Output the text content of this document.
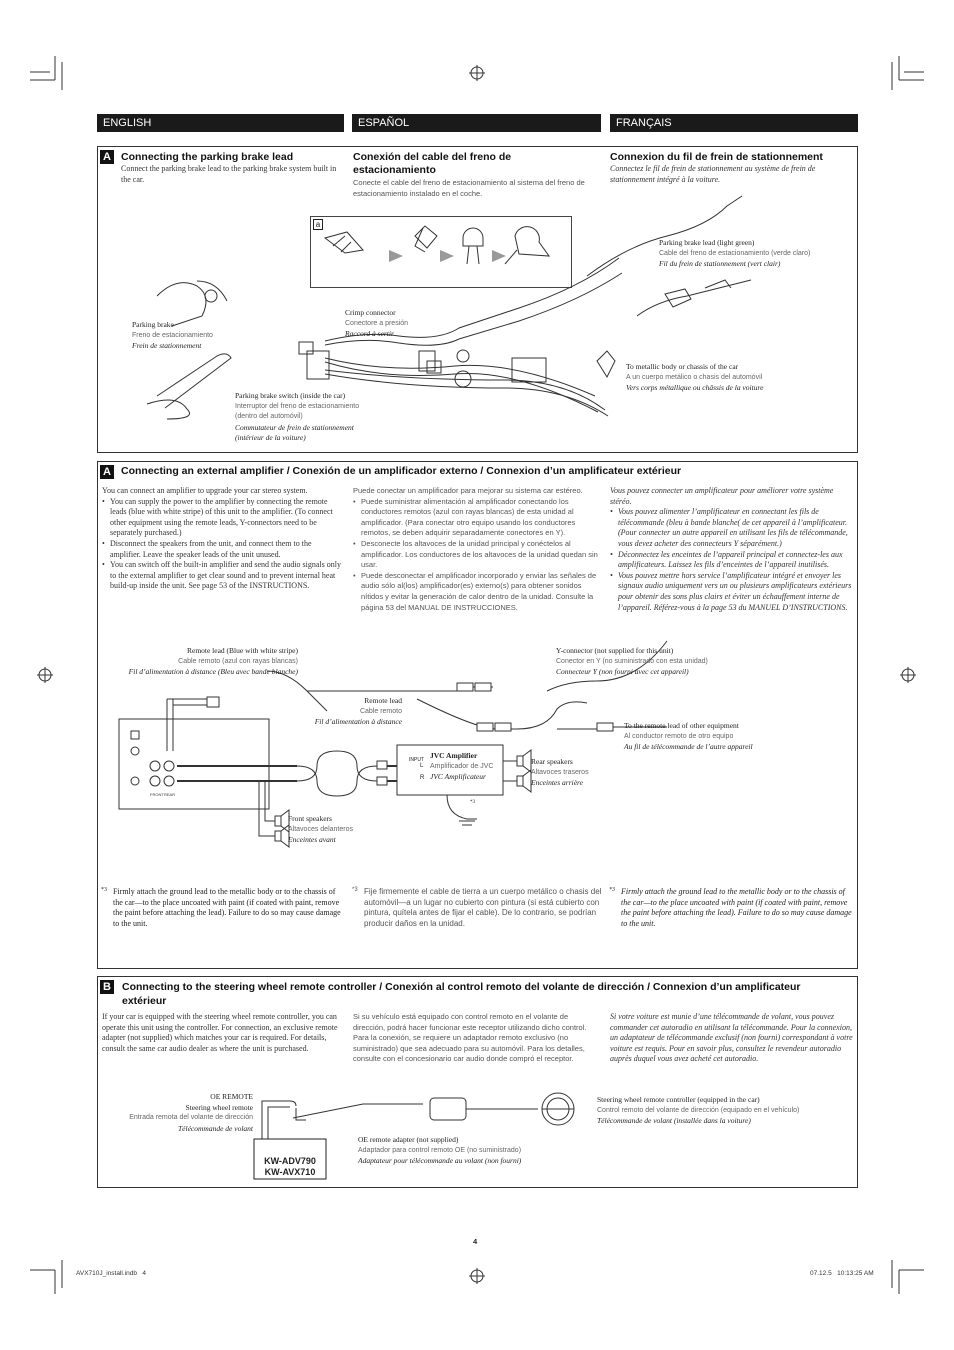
ENGLISH	ESPAÑOL	FRANÇAIS
A Connecting the parking brake lead
Connect the parking brake lead to the parking brake system built in the car.
Conexión del cable del freno de estacionamiento
Conecte el cable del freno de estacionamiento al sistema del freno de estacionamiento instalado en el coche.
Connexion du fil de frein de stationnement
Connectez le fil de frein de stationnement au système de frein de stationnement intégré à la voiture.
a
Parking brake
Freno de estacionamiento
Frein de stationnement
Crimp connector
Conectore a presión
Raccord à sertir
Parking brake lead (light green)
Cable del freno de estacionamiento (verde claro)
Fil du frein de stationnement (vert clair)
Parking brake switch (inside the car)
Interruptor del freno de estacionamiento
(dentro del automóvil)
Commutateur de frein de stationnement
(intérieur de la voiture)
To metallic body or chassis of the car
A un cuerpo metálico o chasis del automóvil
Vers corps métallique ou châssis de la voiture
A Connecting an external amplifier / Conexión de un amplificador externo / Connexion d’un amplificateur extérieur
You can connect an amplifier to upgrade your car stereo system.
• You can supply the power to the amplifier by connecting the remote leads (blue with white stripe) of this unit to the amplifier. (To connect other equipment using the remote leads, Y-connectors need to be separately purchased.)
• Disconnect the speakers from the unit, and connect them to the amplifier. Leave the speaker leads of the unit unused.
• You can switch off the built-in amplifier and send the audio signals only to the external amplifier to get clear sound and to prevent internal heat build-up inside the unit. See page 53 of the INSTRUCTIONS.
Puede conectar un amplificador para mejorar su sistema car estéreo.
• Puede suministrar alimentación al amplificador conectando los conductores remotos (azul con rayas blancas) de esta unidad al amplificador. (Para conectar otro equipo usando los conductores remotos, se deben adquirir separadamente conectores en Y).
• Desconecte los altavoces de la unidad principal y conéctelos al amplificador. Los conductores de los altavoces de la unidad quedan sin usar.
• Puede desconectar el amplificador incorporado y enviar las señales de audio sólo al(los) amplificador(es) externo(s) para obtener sonidos nítidos y evitar la generación de calor dentro de la unidad. Consulte la página 53 del MANUAL DE INSTRUCCIONES.
Vous pouvez connecter un amplificateur pour améliorer votre système stéréo.
• Vous pouvez alimenter l’amplificateur en connectant les fils de télécommande (bleu à bande blanche( de cet appareil à l’amplificateur. (Pour connecter un autre appareil en utilisant les fils de télécommande, vous devez acheter des connecteurs Y séparément.)
• Déconnectez les enceintes de l’appareil principal et connectez-les aux amplificateurs. Laissez les fils d’enceintes de l’appareil inutilisés.
• Vous pouvez mettre hors service l’amplificateur intégré et envoyer les signaux audio uniquement vers un ou plusieurs amplificateurs extérieurs pour obtenir des sons plus clairs et éviter un échauffement interne de l’appareil. Référez-vous à la page 53 du MANUEL D’INSTRUCTIONS.
FRONT REAR
JVC Amplifier
Amplificador de JVC
JVC Amplificateur
INPUT
L
R
*3
Remote lead (Blue with white stripe)
Cable remoto (azul con rayas blancas)
Fil d’alimentation à distance (Bleu avec bande blanche)
Y-connector (not supplied for this unit)
Conector en Y (no suministrado con esta unidad)
Connecteur Y (non fourni avec cet appareil)
Remote lead
Cable remoto
Fil d’alimentation à distance	To the remote lead of other equipment
Al conductor remoto de otro equipo
Au fil de télécommande de l’autre appareil
Rear speakers
Altavoces traseros
Enceintes arrière
Front speakers
Altavoces delanteros
Enceintes avant
*3 Firmly attach the ground lead to the metallic body or to the chassis of the car—to the place uncoated with paint (if coated with paint, remove the paint before attaching the lead). Failure to do so may cause damage to the unit.
*3 Fije firmemente el cable de tierra a un cuerpo metálico o chasis del automóvil—a un lugar no cubierto con pintura (si está cubierto con pintura, quítela antes de fijar el cable). De lo contrario, se podrían producir daños en la unidad.
*3 Firmly attach the ground lead to the metallic body or to the chassis of the car—to the place uncoated with paint (if coated with paint, remove the paint before attaching the lead). Failure to do so may cause damage to the unit.
B Connecting to the steering wheel remote controller / Conexión al control remoto del volante de dirección / Connexion d’un amplificateur extérieur
If your car is equipped with the steering wheel remote controller, you can operate this unit using the controller. For connection, an exclusive remote adapter (not supplied) which matches your car is required. For details, consult the same car audio dealer as where the unit is purchased.
Si su vehículo está equipado con control remoto en el volante de dirección, podrá hacer funcionar este receptor utilizando dicho control. Para la conexión, se requiere un adaptador remoto exclusivo (no suministrado) que sea adecuado para su automóvil. Para los detalles, consulte con el concesionario car audio donde compró el receptor.
Si votre voiture est munie d’une télécommande de volant, vous pouvez commander cet autoradio en utilisant la télécommande. Pour la connexion, un adaptateur de télécommande exclusif (non fourni) correspondant à votre voiture est requis. Pour en savoir plus, consultez le revendeur autoradio auprès duquel vous avez acheté cet autoradio.
KW-ADV790
KW-AVX710
OE REMOTE
Steering wheel remote
Entrada remota del volante de dirección
Télécommande de volant
OE remote adapter (not supplied)
Adaptador para control remoto OE (no suministrado)
Adaptateur pour télécommande au volant (non fourni)
Steering wheel remote controller (equipped in the car)
Control remoto del volante de dirección (equipado en el vehículo)
Télécommande de volant (installée dans la voiture)
4
AVX710J_install.indb   4	07.12.5   10:13:25 AM
